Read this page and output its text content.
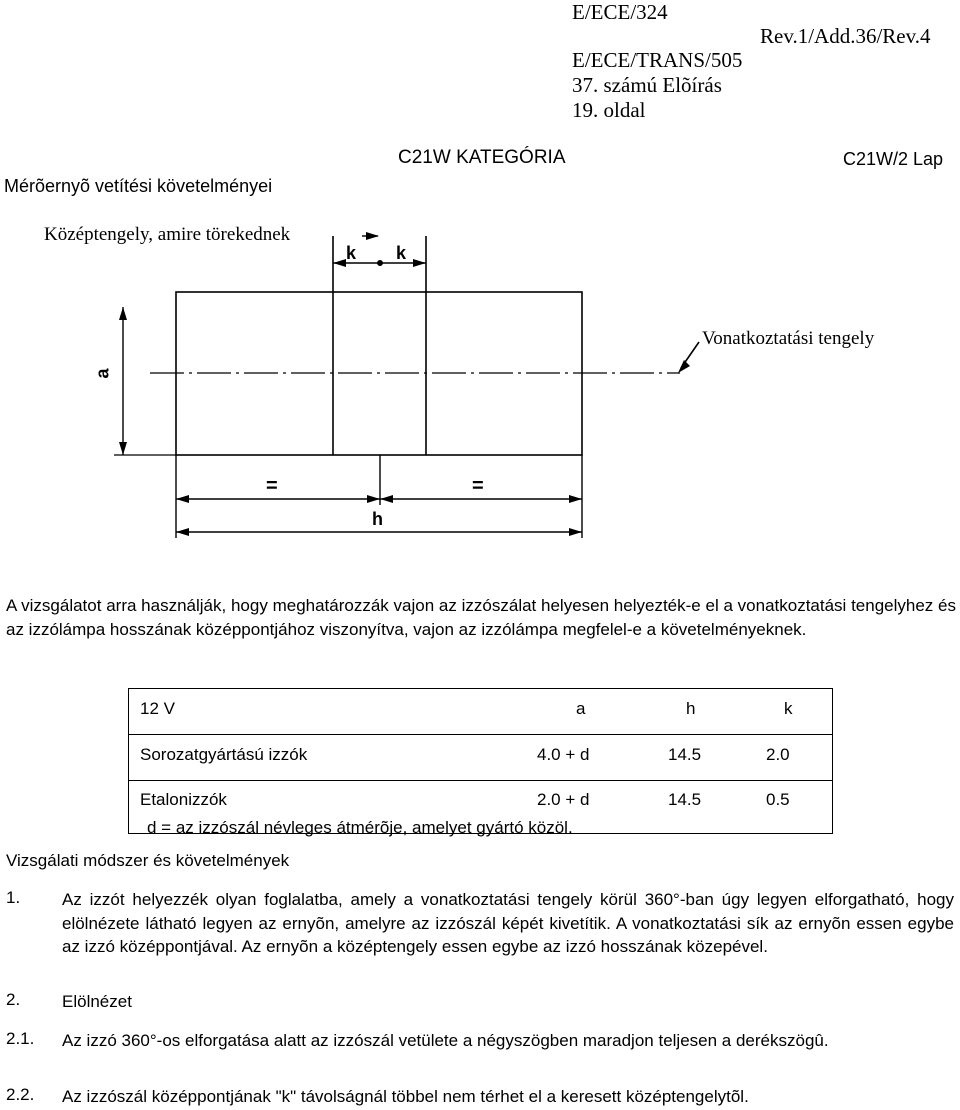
E/ECE/324
Rev.1/Add.36/Rev.4
E/ECE/TRANS/505
37. számú Elõírás
19. oldal
C21W KATEGÓRIA	C21W/2 Lap
Mérõernyõ vetítési követelményei
Középtengely, amire törekednek
Vonatkoztatási tengely
k k
a
=	=
h
A vizsgálatot arra használják, hogy meghatározzák vajon az izzószálat helyesen helyezték-e el a vonatkoztatási tengelyhez és az izzólámpa hosszának középpontjához viszonyítva, vajon az izzólámpa megfelel-e a követelményeknek.
12 V	a	h	k
Sorozatgyártású izzók	4.0 + d	14.5	2.0
Etalonizzók	2.0 + d	14.5	0.5
d = az izzószál névleges átmérõje, amelyet gyártó közöl.
Vizsgálati módszer és követelmények
1. Az izzót helyezzék olyan foglalatba, amely a vonatkoztatási tengely körül 360°-ban úgy legyen elforgatható, hogy elölnézete látható legyen az ernyõn, amelyre az izzószál képét kivetítik. A vonatkoztatási sík az ernyõn essen egybe az izzó középpontjával. Az ernyõn a középtengely essen egybe az izzó hosszának közepével.
2. Elölnézet
2.1. Az izzó 360°-os elforgatása alatt az izzószál vetülete a négyszögben maradjon teljesen a derékszögû.
2.2. Az izzószál középpontjának "k" távolságnál többel nem térhet el a keresett középtengelytõl.
